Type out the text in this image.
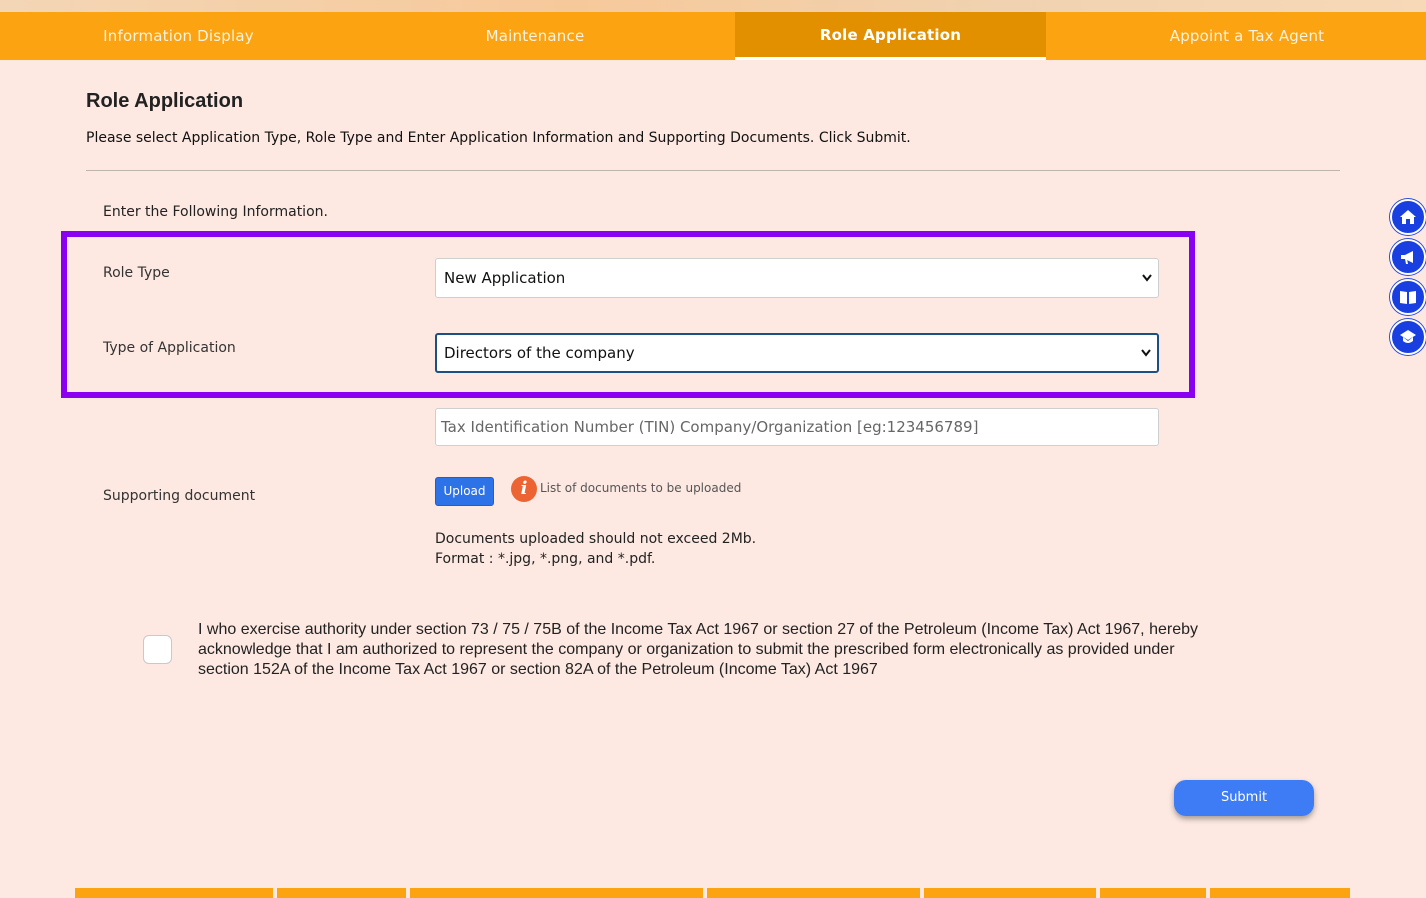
Information Display	Maintenance	Role Application	Appoint a Tax Agent
Role Application
Please select Application Type, Role Type and Enter Application Information and Supporting Documents. Click Submit.
Enter the Following Information.
Role Type	New Application
Type of Application	Directors of the company
Tax Identification Number (TIN) Company/Organization [eg:123456789]
Supporting document	Upload	i	List of documents to be uploaded
Documents uploaded should not exceed 2Mb.
Format : *.jpg, *.png, and *.pdf.
I who exercise authority under section 73 / 75 / 75B of the Income Tax Act 1967 or section 27 of the Petroleum (Income Tax) Act 1967, hereby acknowledge that I am authorized to represent the company or organization to submit the prescribed form electronically as provided under section 152A of the Income Tax Act 1967 or section 82A of the Petroleum (Income Tax) Act 1967
Submit
